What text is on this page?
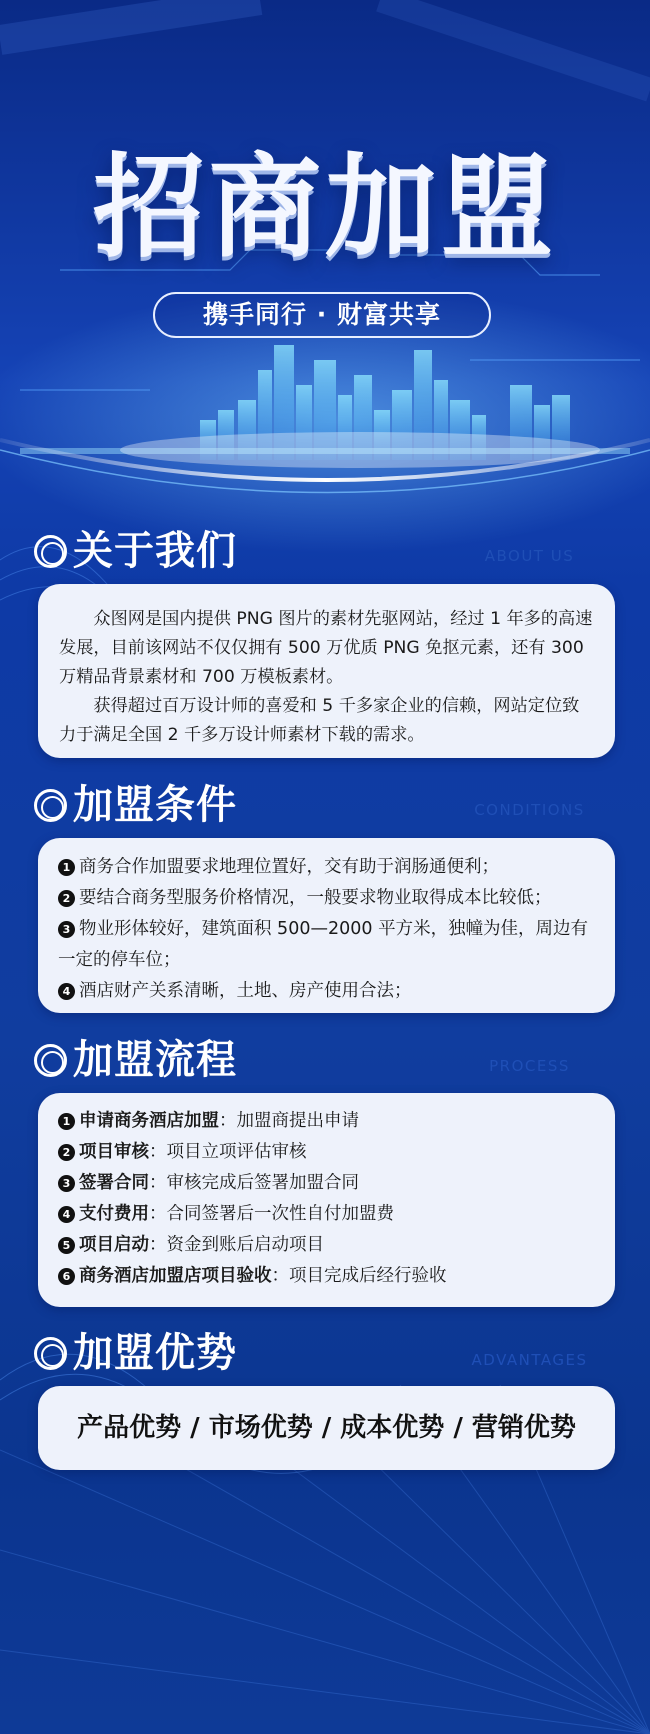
招商加盟
携手同行 · 财富共享
关于我们	ABOUT US

众图网是国内提供 PNG 图片的素材先驱网站，经过 1 年多的高速发展，目前该网站不仅仅拥有 500 万优质 PNG 免抠元素，还有 300 万精品背景素材和 700 万模板素材。

获得超过百万设计师的喜爱和 5 千多家企业的信赖，网站定位致力于满足全国 2 千多万设计师素材下载的需求。

加盟条件	CONDITIONS
1 商务合作加盟要求地理位置好，交有助于润肠通便利；
2 要结合商务型服务价格情况，一般要求物业取得成本比较低；
3 物业形体较好，建筑面积 500—2000 平方米，独幢为佳，周边有一定的停车位；
4 酒店财产关系清晰，土地、房产使用合法；
加盟流程	PROCESS
1 申请商务酒店加盟：加盟商提出申请
2 项目审核：项目立项评估审核
3 签署合同：审核完成后签署加盟合同
4 支付费用：合同签署后一次性自付加盟费
5 项目启动：资金到账后启动项目
6 商务酒店加盟店项目验收：项目完成后经行验收
加盟优势	ADVANTAGES
产品优势 / 市场优势 / 成本优势 / 营销优势
